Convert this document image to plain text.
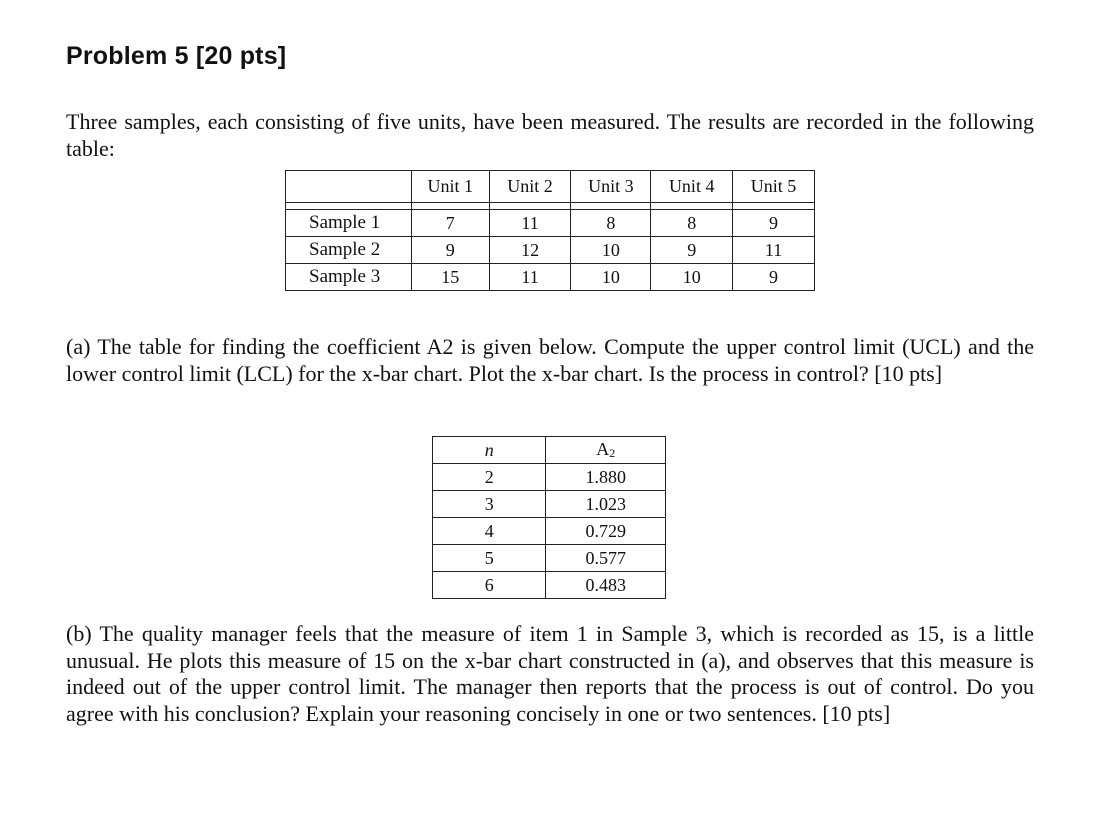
Problem 5 [20 pts]
Three samples, each consisting of five units, have been measured. The results are recorded in the following table:
	Unit 1	Unit 2	Unit 3	Unit 4	Unit 5

Sample 1	7	11	8	8	9
Sample 2	9	12	10	9	11
Sample 3	15	11	10	10	9
(a) The table for finding the coefficient A2 is given below. Compute the upper control limit (UCL) and the lower control limit (LCL) for the x-bar chart. Plot the x-bar chart. Is the process in control? [10 pts]
n	$A_2$
2	1.880
3	1.023
4	0.729
5	0.577
6	0.483
(b) The quality manager feels that the measure of item 1 in Sample 3, which is recorded as 15, is a little unusual. He plots this measure of 15 on the x-bar chart constructed in (a), and observes that this measure is indeed out of the upper control limit. The manager then reports that the process is out of control. Do you agree with his conclusion? Explain your reasoning concisely in one or two sentences. [10 pts]
